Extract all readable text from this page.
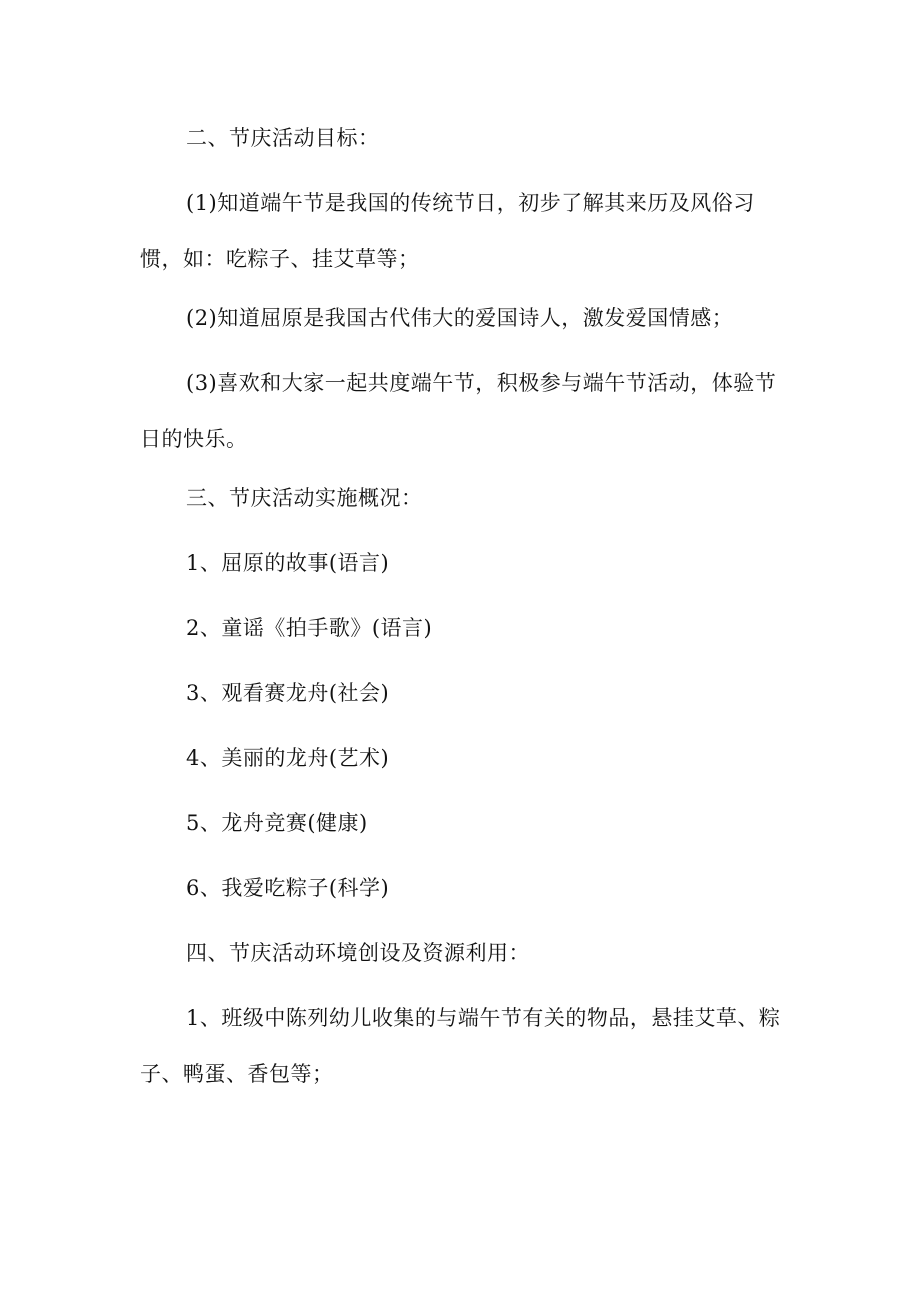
二、节庆活动目标：

(1)知道端午节是我国的传统节日，初步了解其来历及风俗习惯，如：吃粽子、挂艾草等；

(2)知道屈原是我国古代伟大的爱国诗人，激发爱国情感；

(3)喜欢和大家一起共度端午节，积极参与端午节活动，体验节日的快乐。

三、节庆活动实施概况：

1、屈原的故事(语言)

2、童谣《拍手歌》(语言)

3、观看赛龙舟(社会)

4、美丽的龙舟(艺术)

5、龙舟竞赛(健康)

6、我爱吃粽子(科学)

四、节庆活动环境创设及资源利用：

1、班级中陈列幼儿收集的与端午节有关的物品，悬挂艾草、粽子、鸭蛋、香包等；
